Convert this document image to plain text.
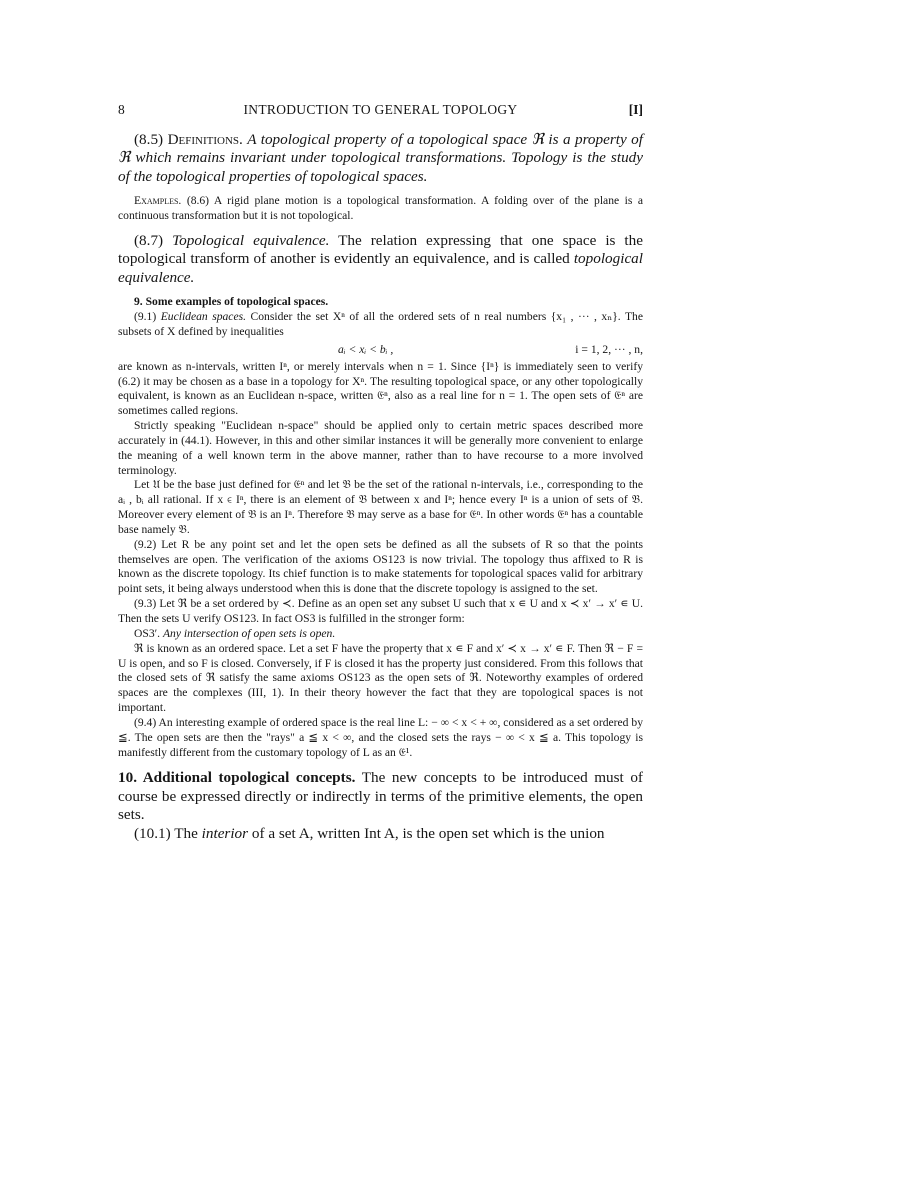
8	INTRODUCTION TO GENERAL TOPOLOGY	[I]

(8.5) Definitions. A topological property of a topological space ℜ is a property of ℜ which remains invariant under topological transformations. Topology is the study of the topological properties of topological spaces.

Examples. (8.6) A rigid plane motion is a topological transformation. A folding over of the plane is a continuous transformation but it is not topological.

(8.7) Topological equivalence. The relation expressing that one space is the topological transform of another is evidently an equivalence, and is called topological equivalence.

9. Some examples of topological spaces.

(9.1) Euclidean spaces. Consider the set Xⁿ of all the ordered sets of n real numbers {x₁ , ··· , xₙ}. The subsets of X defined by inequalities

aᵢ < xᵢ < bᵢ ,	i = 1, 2, ··· , n,

are known as n-intervals, written Iⁿ, or merely intervals when n = 1. Since {Iⁿ} is immediately seen to verify (6.2) it may be chosen as a base in a topology for Xⁿ. The resulting topological space, or any other topologically equivalent, is known as an Euclidean n-space, written 𝔈ⁿ, also as a real line for n = 1. The open sets of 𝔈ⁿ are sometimes called regions.

Strictly speaking "Euclidean n-space" should be applied only to certain metric spaces described more accurately in (44.1). However, in this and other similar instances it will be generally more convenient to enlarge the meaning of a well known term in the above manner, rather than to have recourse to a more involved terminology.

Let 𝔘 be the base just defined for 𝔈ⁿ and let 𝔅 be the set of the rational n-intervals, i.e., corresponding to the aᵢ , bᵢ all rational. If x ∊ Iⁿ, there is an element of 𝔅 between x and Iⁿ; hence every Iⁿ is a union of sets of 𝔅. Moreover every element of 𝔅 is an Iⁿ. Therefore 𝔅 may serve as a base for 𝔈ⁿ. In other words 𝔈ⁿ has a countable base namely 𝔅.

(9.2) Let R be any point set and let the open sets be defined as all the subsets of R so that the points themselves are open. The verification of the axioms OS123 is now trivial. The topology thus affixed to R is known as the discrete topology. Its chief function is to make statements for topological spaces valid for arbitrary point sets, it being always understood when this is done that the discrete topology is assigned to the set.

(9.3) Let ℜ be a set ordered by ≺. Define as an open set any subset U such that x ∊ U and x ≺ x′ → x′ ∊ U. Then the sets U verify OS123. In fact OS3 is fulfilled in the stronger form:

OS3′. Any intersection of open sets is open.

ℜ is known as an ordered space. Let a set F have the property that x ∊ F and x′ ≺ x → x′ ∊ F. Then ℜ − F = U is open, and so F is closed. Conversely, if F is closed it has the property just considered. From this follows that the closed sets of ℜ satisfy the same axioms OS123 as the open sets of ℜ. Noteworthy examples of ordered spaces are the complexes (III, 1). In their theory however the fact that they are topological spaces is not important.

(9.4) An interesting example of ordered space is the real line L: − ∞ < x < + ∞, considered as a set ordered by ≦. The open sets are then the "rays" a ≦ x < ∞, and the closed sets the rays − ∞ < x ≦ a. This topology is manifestly different from the customary topology of L as an 𝔈¹.

10. Additional topological concepts. The new concepts to be introduced must of course be expressed directly or indirectly in terms of the primitive elements, the open sets.

(10.1) The interior of a set A, written Int A, is the open set which is the union
